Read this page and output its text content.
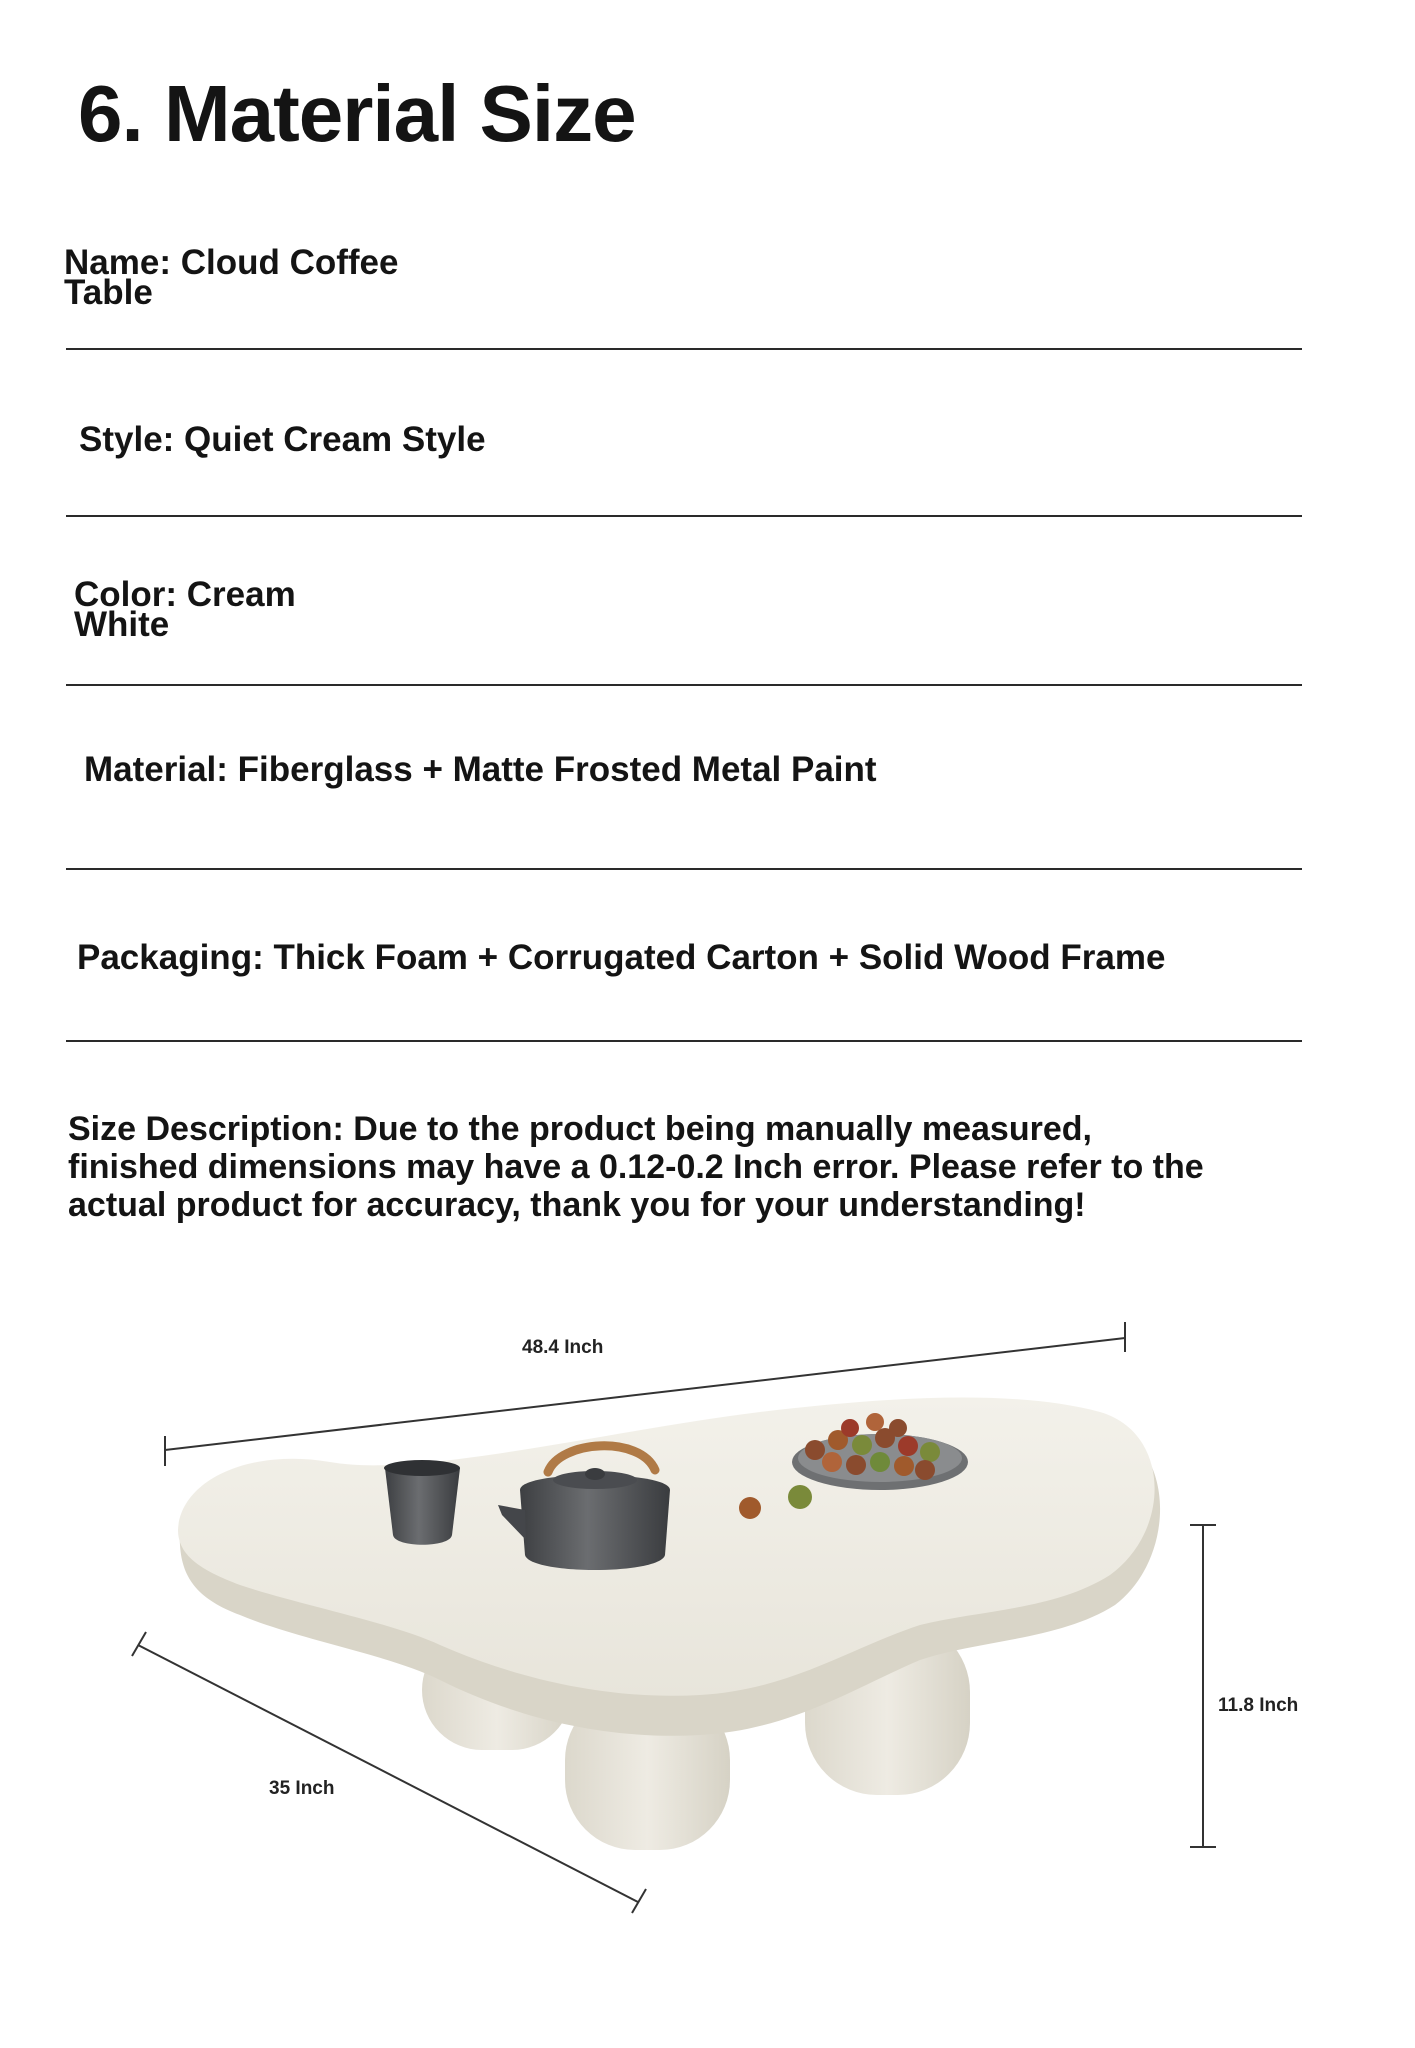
6. Material Size
Name: Cloud Coffee
Table
Style: Quiet Cream Style
Color: Cream
White
Material: Fiberglass + Matte Frosted Metal Paint
Packaging: Thick Foam + Corrugated Carton + Solid Wood Frame

Size Description: Due to the product being manually measured, finished dimensions may have a 0.12-0.2 Inch error. Please refer to the actual product for accuracy, thank you for your understanding!

48.4 Inch
35 Inch
11.8 Inch
